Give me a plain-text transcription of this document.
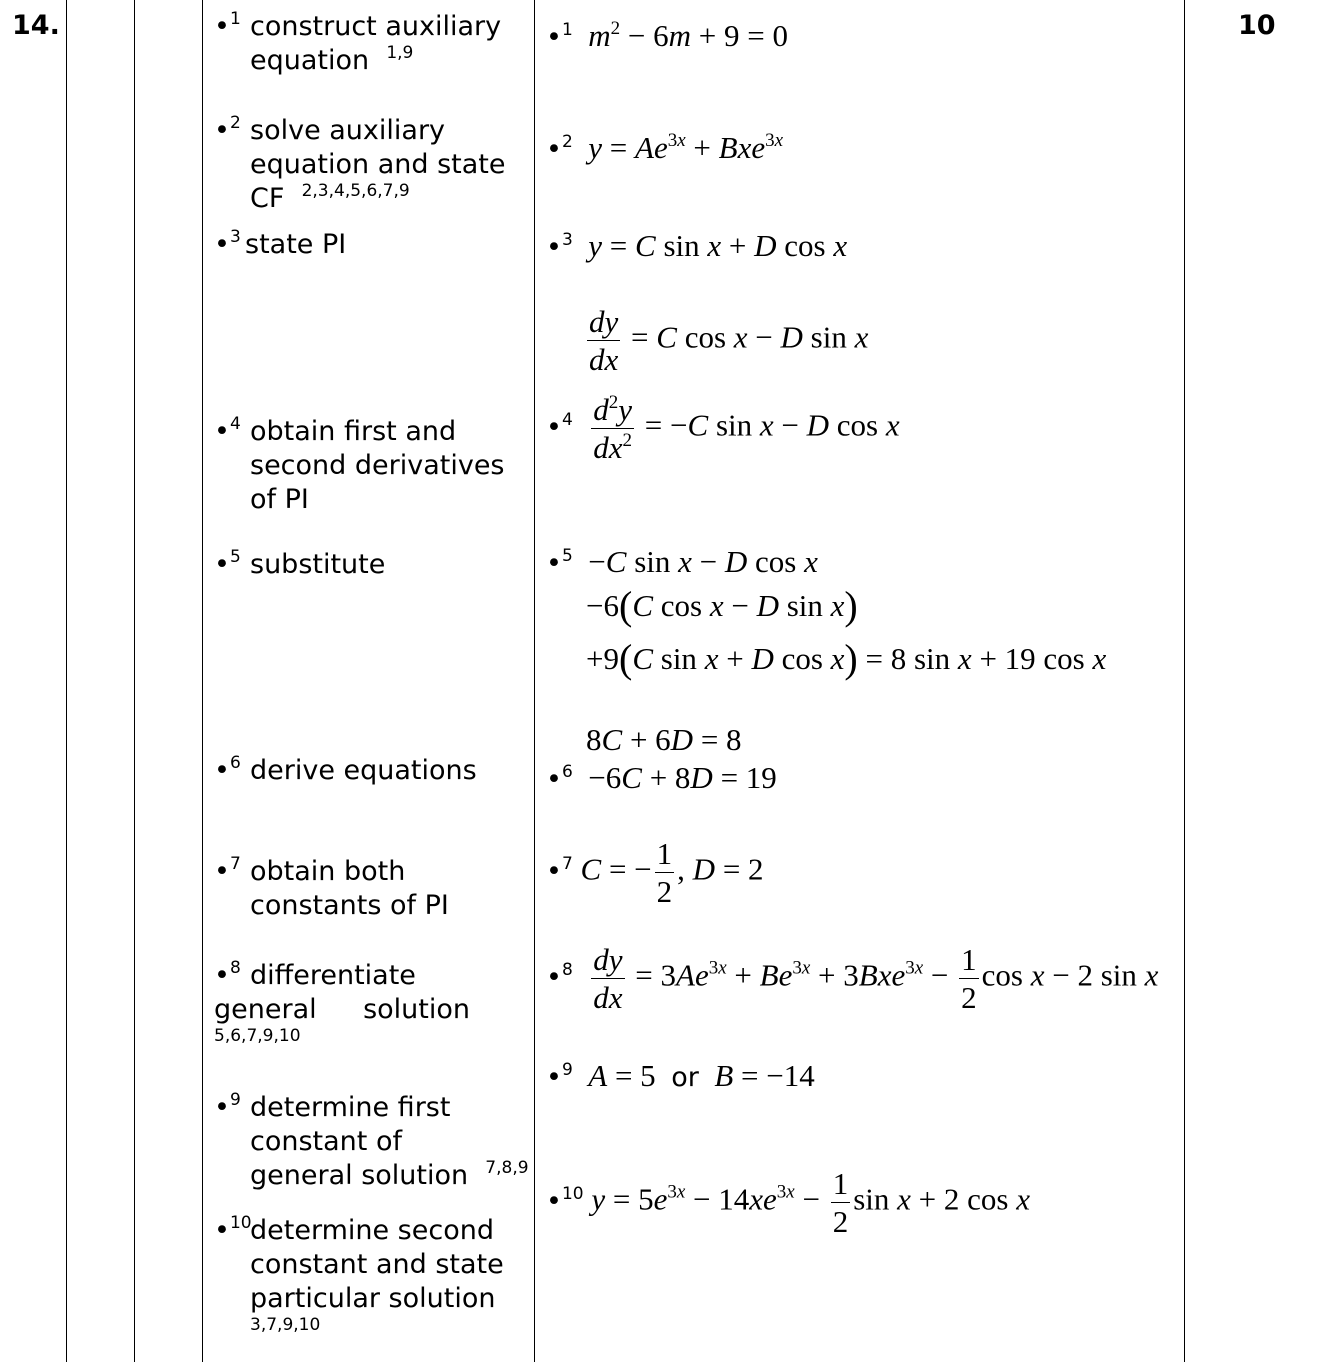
14.	10
•$^1$ construct auxiliary
equation $^{1,9}$
•$^2$ solve auxiliary
equation and state
CF $^{2,3,4,5,6,7,9}$
•$^3$ state PI
•$^4$ obtain first and
second derivatives
of PI
•$^5$ substitute
•$^6$ derive equations
•$^7$ obtain both
constants of PI
•$^8$ differentiate
general solution
5,6,7,9,10
•$^9$ determine first
constant of
general solution $^{7,8,9}$
•$^{10}$
determine second
constant and state
particular solution
3,7,9,10
•$^1$ $m^2 - 6m + 9 = 0$
•$^2$ $y = Ae^{3x} + Bxe^{3x}$
•$^3$ y = C sin x + D cos x
$\frac{dy}{dx} = C$ cos x − D sin x
•$^4$ $\frac{d^2y}{dx^2} = -C$ sin x − D cos x
•$^5$  −C sin x − D cos x
−6(C cos x − D sin x)
+9(C sin x + D cos x) = 8 sin x + 19 cos x
8C + 6D = 8
•$^6$  −6C + 8D = 19
•$^7$ C = − $\frac{1}{2}$ , D = 2
•$^8$ $\frac{dy}{dx} = 3Ae^{3x} + Be^{3x} + 3Bxe^{3x} - \frac{1}{2}$ cos x − 2 sin x
•$^9$ A = 5  or B = −14
•$^{10}$ $y = 5e^{3x} - 14xe^{3x} - \frac{1}{2}$ sin x + 2 cos x
